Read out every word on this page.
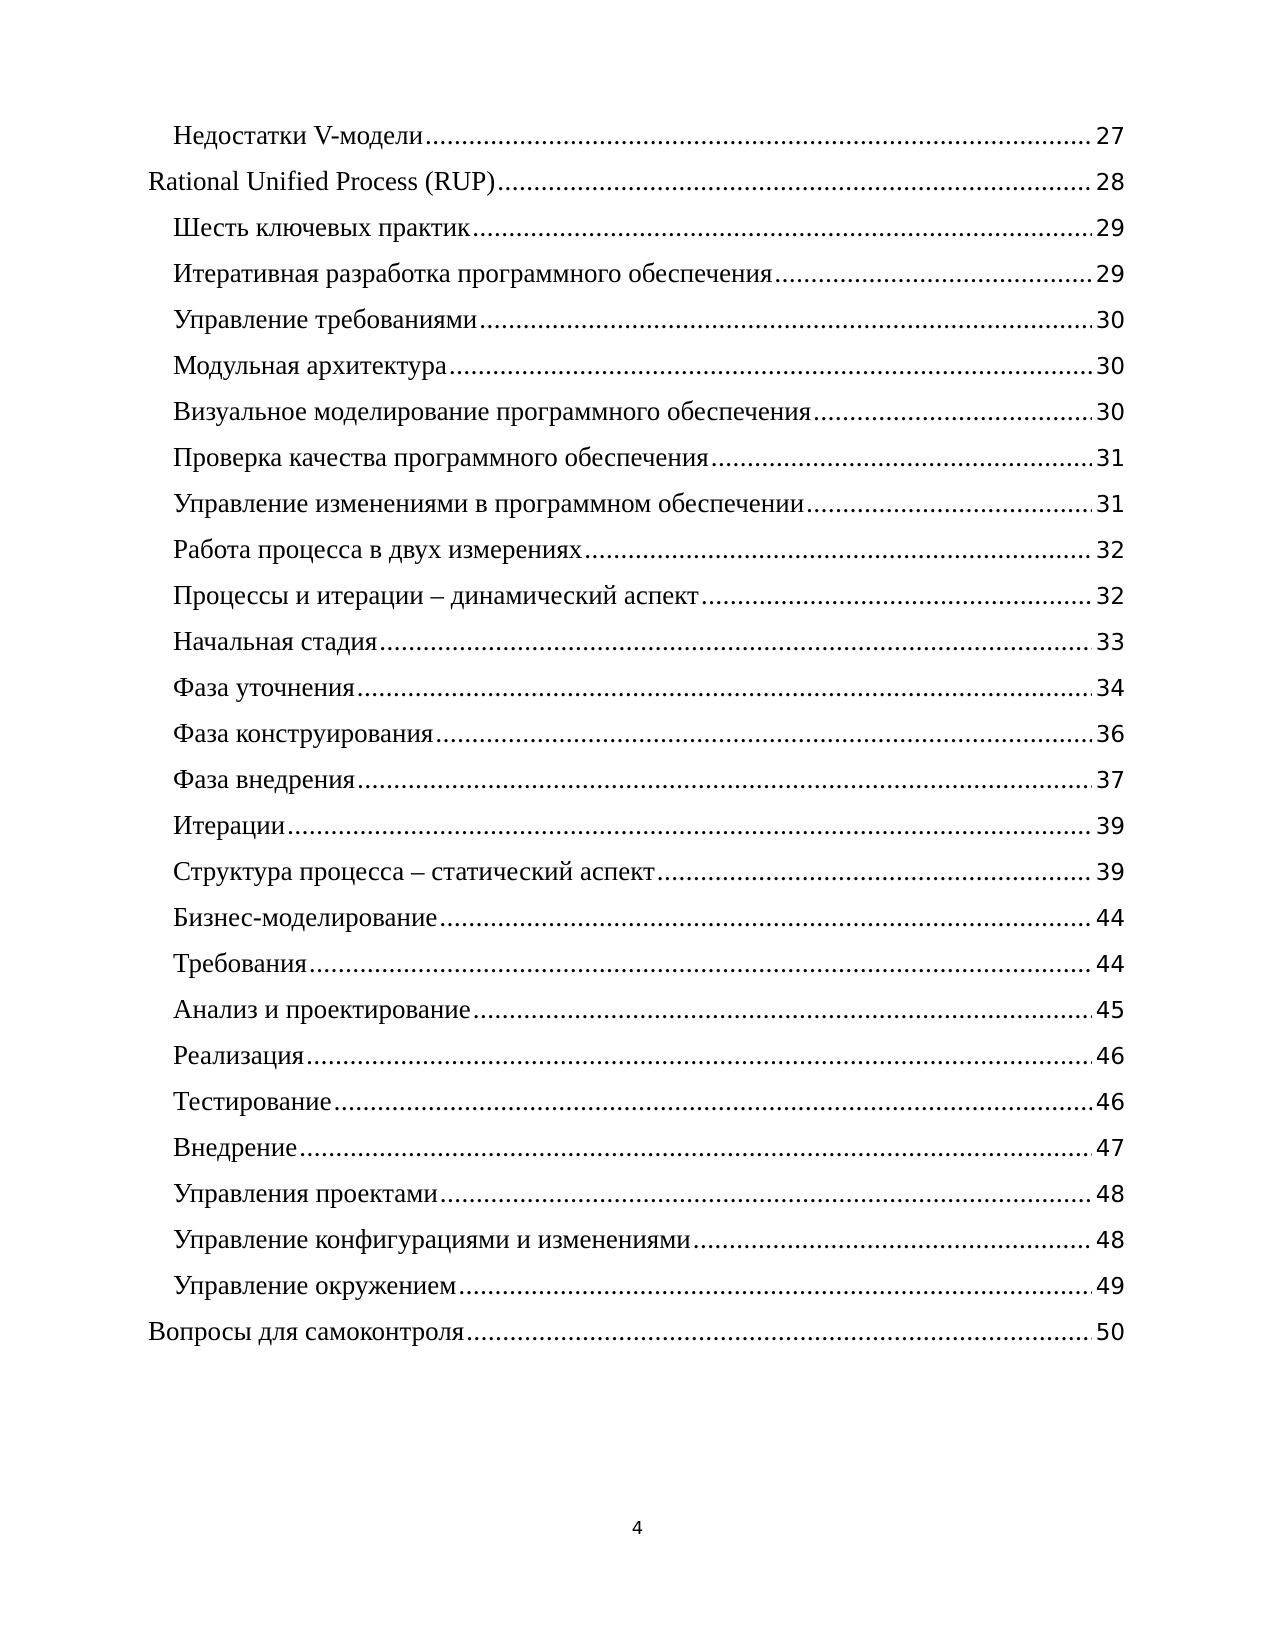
Недостатки V-модели .....	27
Rational Unified Process (RUP) .....	28
Шесть ключевых практик .....	29
Итеративная разработка программного обеспечения .....	29
Управление требованиями .....	30
Модульная архитектура .....	30
Визуальное моделирование программного обеспечения .....	30
Проверка качества программного обеспечения .....	31
Управление изменениями в программном обеспечении .....	31
Работа процесса в двух измерениях .....	32
Процессы и итерации – динамический аспект .....	32
Начальная стадия .....	33
Фаза уточнения .....	34
Фаза конструирования .....	36
Фаза внедрения .....	37
Итерации .....	39
Структура процесса – статический аспект .....	39
Бизнес-моделирование .....	44
Требования .....	44
Анализ и проектирование .....	45
Реализация .....	46
Тестирование .....	46
Внедрение .....	47
Управления проектами .....	48
Управление конфигурациями и изменениями .....	48
Управление окружением .....	49
Вопросы для самоконтроля .....	50
4
